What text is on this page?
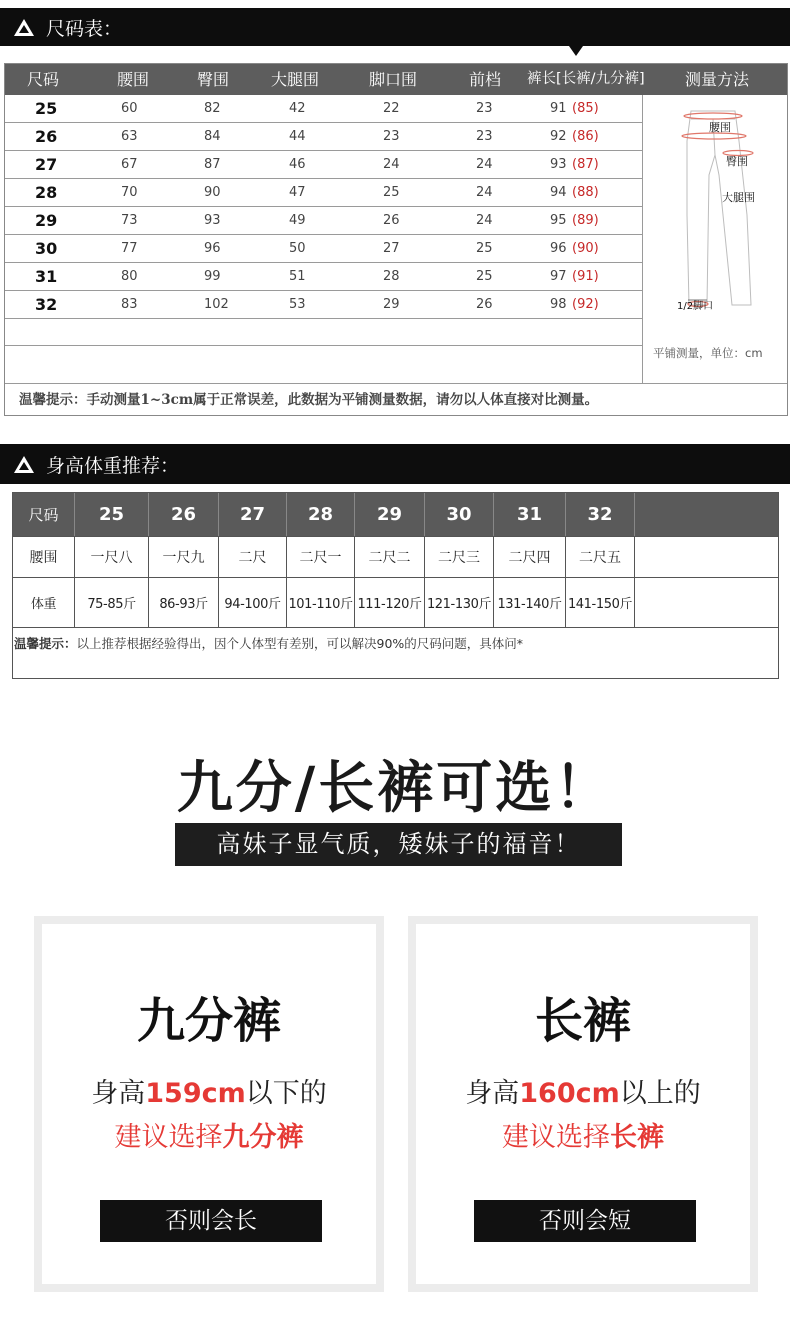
尺码表：
尺码	腰围	臀围	大腿围	脚口围	前档 裤长[长裤/九分裤]	测量方法
25	60	82	42	22	23	91 (85)
26	63	84	44	23	23	92 (86)
27	67	87	46	24	24	93 (87)
28	70	90	47	25	24	94 (88)
29	73	93	49	26	24	95 (89)
30	77	96	50	27	25	96 (90)
31	80	99	51	28	25	97 (91)
32	83	102	53	29	26	98 (92)
腰围
臀围
大腿围
1/2脚口
平铺测量，单位：cm
温馨提示：手动测量1~3cm属于正常误差，此数据为平铺测量数据，请勿以人体直接对比测量。
身高体重推荐：
尺码	25	26	27	28	29	30	31	32
腰围	一尺八	一尺九	二尺	二尺一	二尺二	二尺三	二尺四	二尺五
体重	75-85斤	86-93斤	94-100斤 101-110斤 111-120斤 121-130斤 131-140斤 141-150斤
温馨提示：以上推荐根据经验得出，因个人体型有差别，可以解决90%的尺码问题，具体问*
九分/长裤可选！
高妹子显气质，矮妹子的福音！
九分裤
身高159cm以下的
建议选择九分裤
否则会长
长裤
身高160cm以上的
建议选择长裤
否则会短
